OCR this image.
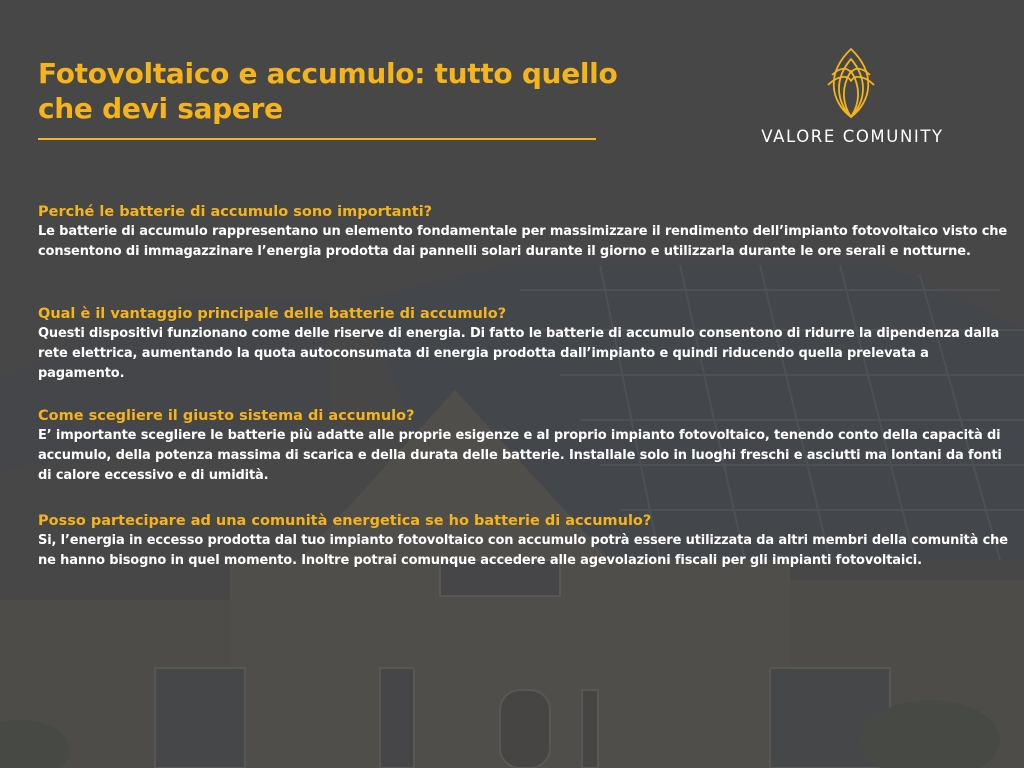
Fotovoltaico e accumulo: tutto quello che devi sapere
VALORE COMUNITY
Perché le batterie di accumulo sono importanti?

Le batterie di accumulo rappresentano un elemento fondamentale per massimizzare il rendimento dell’impianto fotovoltaico visto che consentono di immagazzinare l’energia prodotta dai pannelli solari durante il giorno e utilizzarla durante le ore serali e notturne.

Qual è il vantaggio principale delle batterie di accumulo?

Questi dispositivi funzionano come delle riserve di energia. Di fatto le batterie di accumulo consentono di ridurre la dipendenza dalla rete elettrica, aumentando la quota autoconsumata di energia prodotta dall’impianto e quindi riducendo quella prelevata a pagamento.

Come scegliere il giusto sistema di accumulo?

E’ importante scegliere le batterie più adatte alle proprie esigenze e al proprio impianto fotovoltaico, tenendo conto della capacità di accumulo, della potenza massima di scarica e della durata delle batterie. Installale solo in luoghi freschi e asciutti ma lontani da fonti di calore eccessivo e di umidità.

Posso partecipare ad una comunità energetica se ho batterie di accumulo?

Si, l’energia in eccesso prodotta dal tuo impianto fotovoltaico con accumulo potrà essere utilizzata da altri membri della comunità che ne hanno bisogno in quel momento. Inoltre potrai comunque accedere alle agevolazioni fiscali per gli impianti fotovoltaici.
